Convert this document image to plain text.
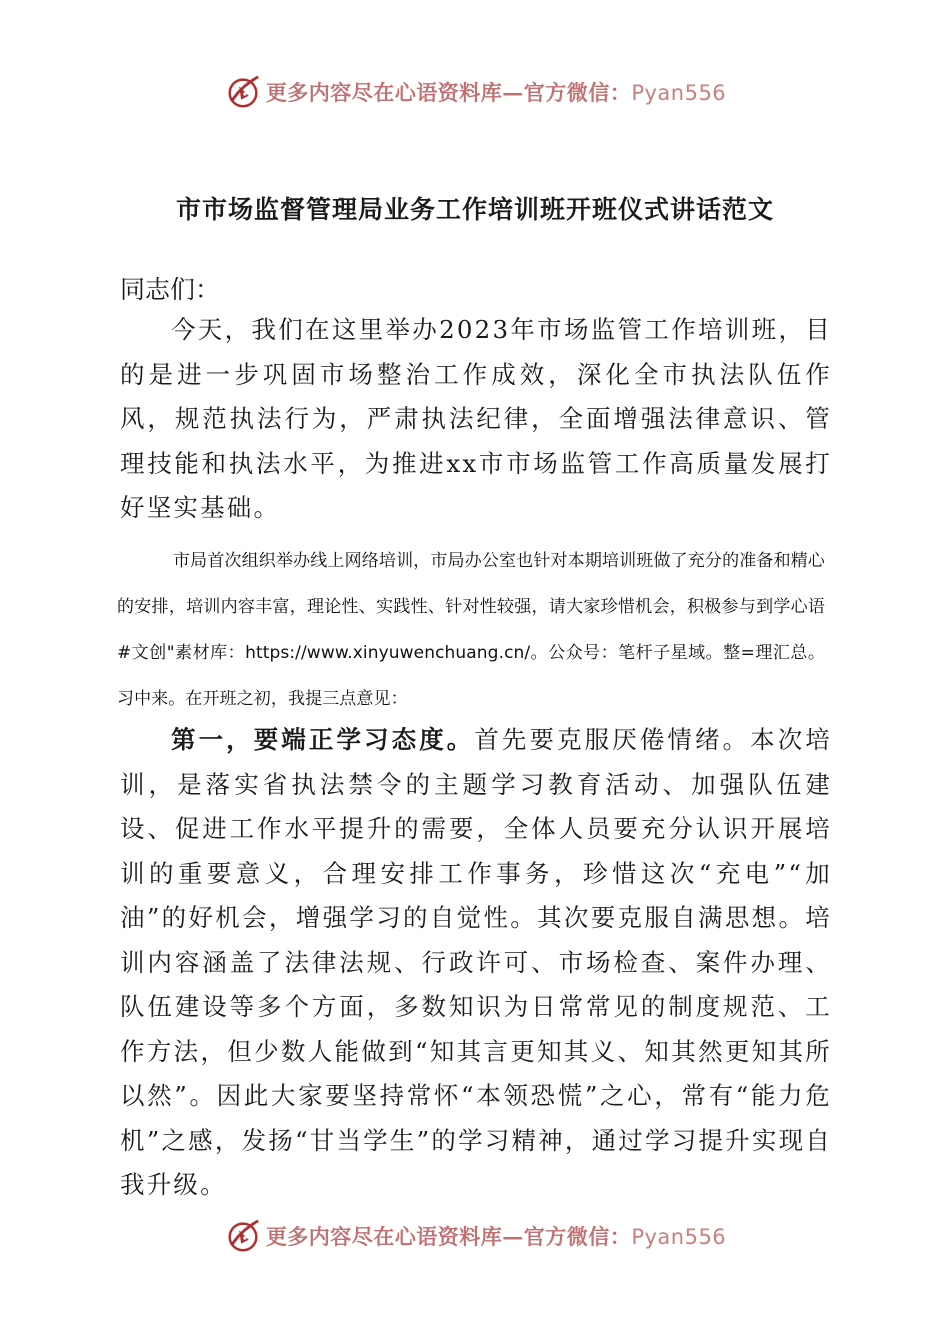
更多内容尽在心语资料库—官方微信：Pyan556
市市场监督管理局业务工作培训班开班仪式讲话范文
同志们：
今天，我们在这里举办2023年市场监管工作培训班，目的是进一步巩固市场整治工作成效，深化全市执法队伍作风，规范执法行为，严肃执法纪律，全面增强法律意识、管理技能和执法水平，为推进xx市市场监管工作高质量发展打好坚实基础。
市局首次组织举办线上网络培训，市局办公室也针对本期培训班做了充分的准备和精心的安排，培训内容丰富，理论性、实践性、针对性较强，请大家珍惜机会，积极参与到学心语#文创"素材库：https://www.xinyuwenchuang.cn/。公众号：笔杆子星域。整=理汇总。习中来。在开班之初，我提三点意见：
第一，要端正学习态度。首先要克服厌倦情绪。本次培训，是落实省执法禁令的主题学习教育活动、加强队伍建设、促进工作水平提升的需要，全体人员要充分认识开展培训的重要意义，合理安排工作事务，珍惜这次“充电”“加油”的好机会，增强学习的自觉性。其次要克服自满思想。培训内容涵盖了法律法规、行政许可、市场检查、案件办理、队伍建设等多个方面，多数知识为日常常见的制度规范、工作方法，但少数人能做到“知其言更知其义、知其然更知其所以然”。因此大家要坚持常怀“本领恐慌”之心，常有“能力危机”之感，发扬“甘当学生”的学习精神，通过学习提升实现自我升级。
更多内容尽在心语资料库—官方微信：Pyan556
